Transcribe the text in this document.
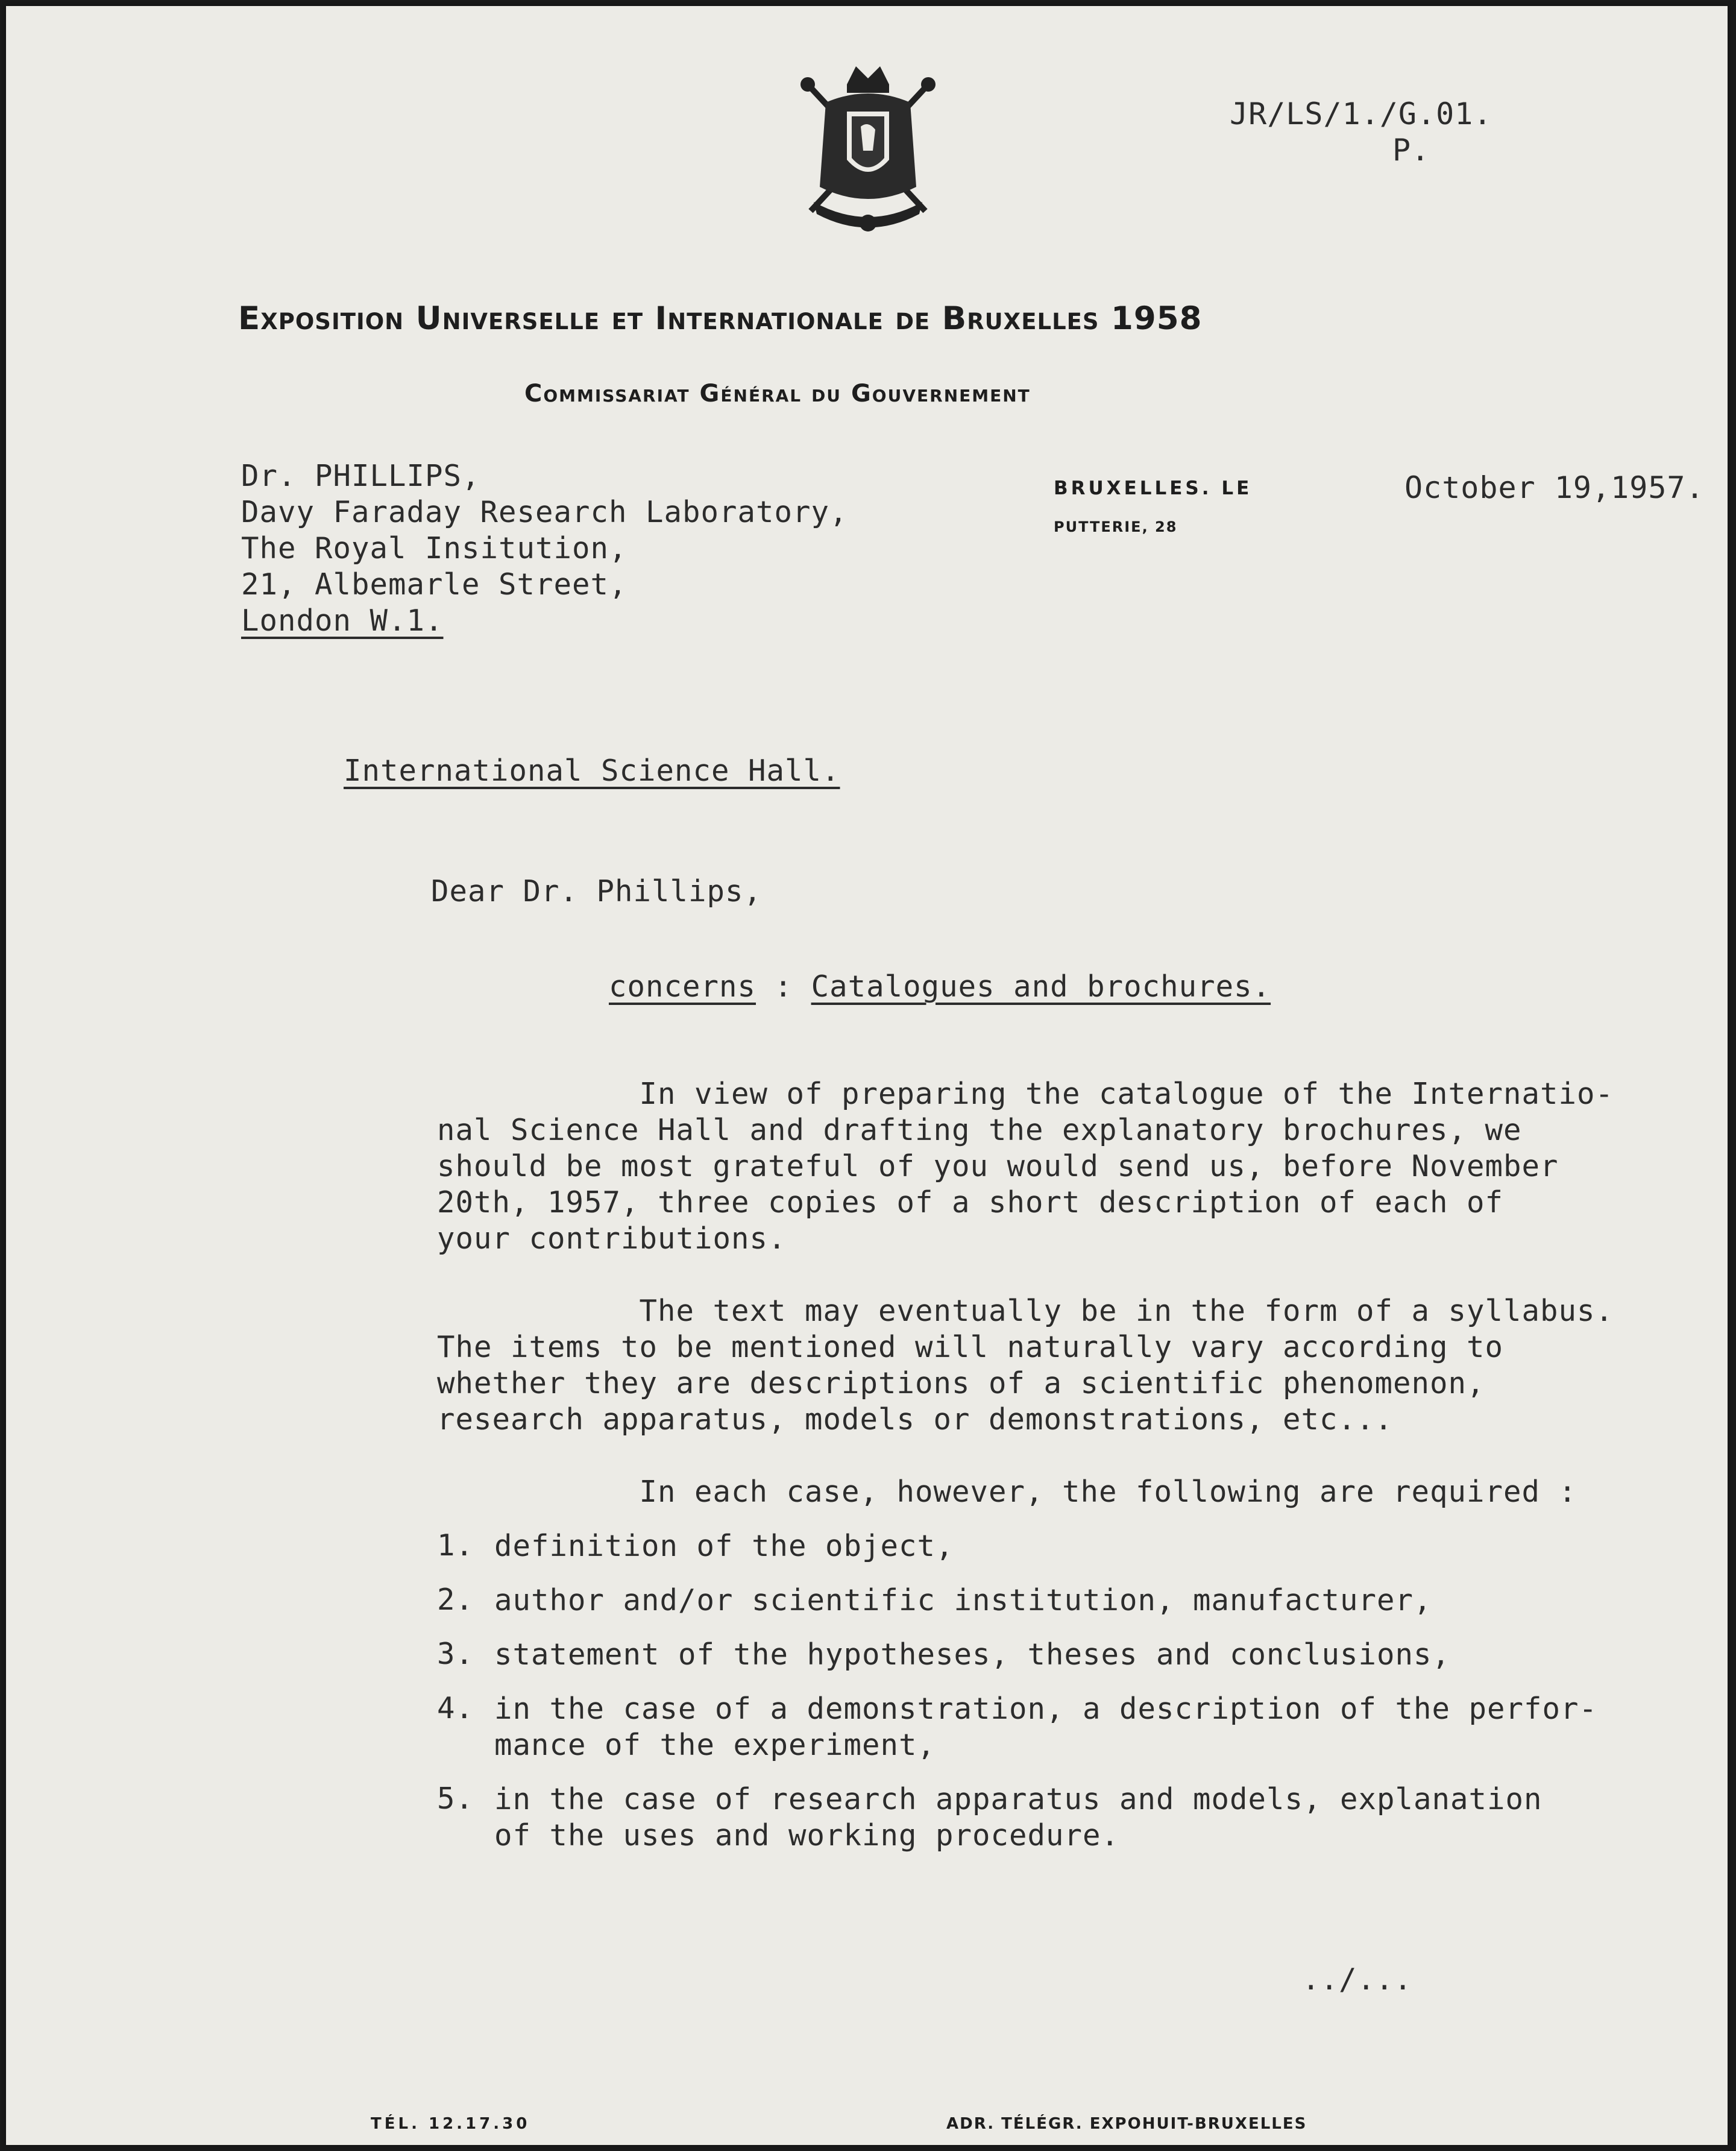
JR/LS/1./G.01.
P.
Exposition Universelle et Internationale de Bruxelles 1958
Commissariat Général du Gouvernement
Dr. PHILLIPS,
Davy Faraday Research Laboratory,
The Royal Insitution,
21, Albemarle Street,
London W.1.
BRUXELLES. LE
PUTTERIE, 28
October 19,1957.
International Science Hall.
Dear Dr. Phillips,
concerns : Catalogues and brochures.
In view of preparing the catalogue of the Internatio-
nal Science Hall and drafting the explanatory brochures, we
should be most grateful of you would send us, before November
20th, 1957, three copies of a short description of each of
your contributions.
The text may eventually be in the form of a syllabus.
The items to be mentioned will naturally vary according to
whether they are descriptions of a scientific phenomenon,
research apparatus, models or demonstrations, etc...
In each case, however, the following are required :
1. definition of the object,
2. author and/or scientific institution, manufacturer,
3. statement of the hypotheses, theses and conclusions,
4. in the case of a demonstration, a description of the perfor-
mance of the experiment,
5. in the case of research apparatus and models, explanation
of the uses and working procedure.
../...
TÉL. 12.17.30	ADR. TÉLÉGR. EXPOHUIT-BRUXELLES
